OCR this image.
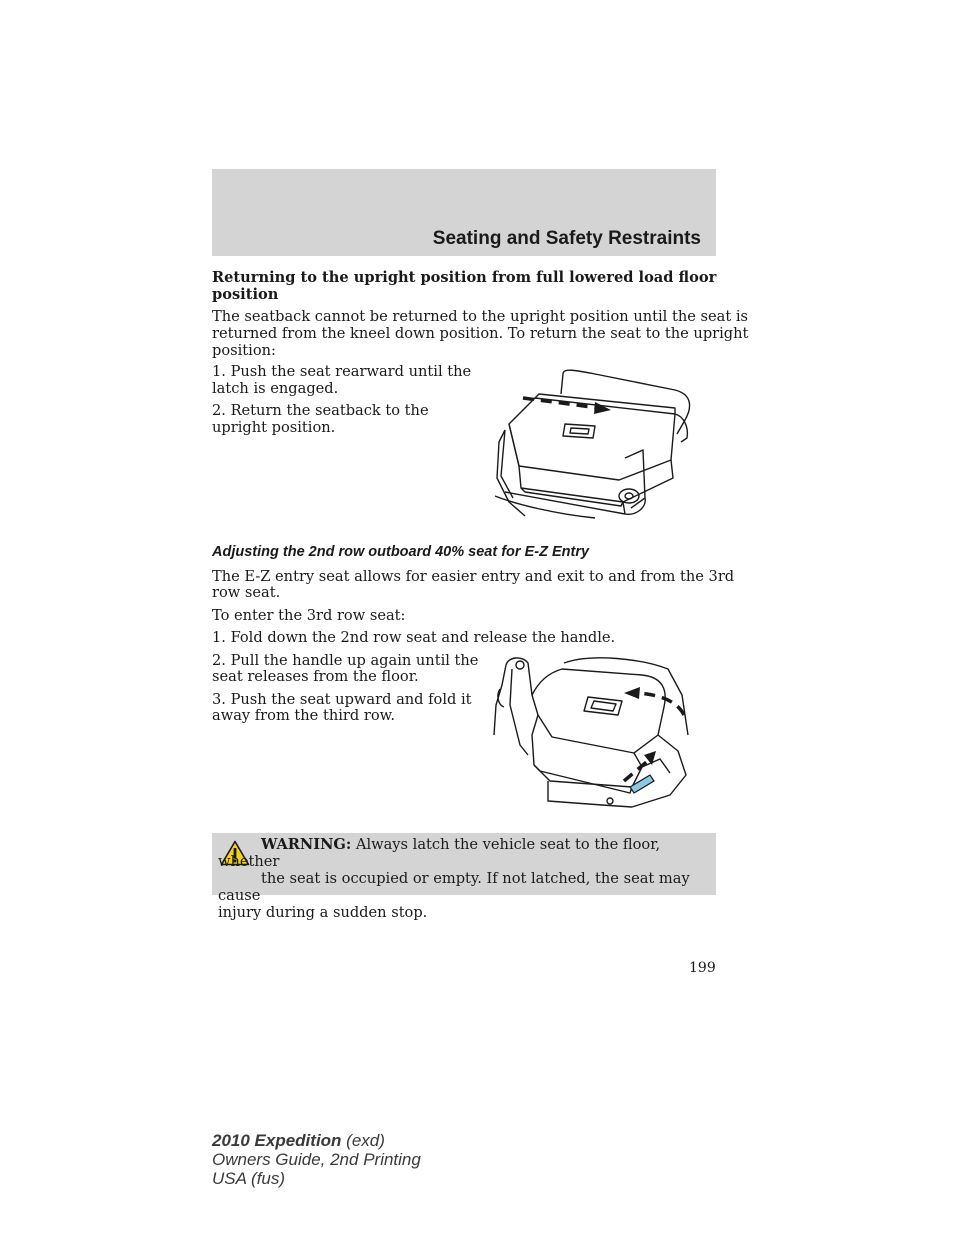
Seating and Safety Restraints
Returning to the upright position from full lowered load floor
position
The seatback cannot be returned to the upright position until the seat is
returned from the kneel down position. To return the seat to the upright
position:
1. Push the seat rearward until the
latch is engaged.
2. Return the seatback to the
upright position.
Adjusting the 2nd row outboard 40% seat for E-Z Entry
The E-Z entry seat allows for easier entry and exit to and from the 3rd
row seat.
To enter the 3rd row seat:
1. Fold down the 2nd row seat and release the handle.
2. Pull the handle up again until the
seat releases from the floor.
3. Push the seat upward and fold it
away from the third row.
WARNING: Always latch the vehicle seat to the floor, whether
the seat is occupied or empty. If not latched, the seat may cause
injury during a sudden stop.
199
2010 Expedition (exd)
Owners Guide, 2nd Printing
USA (fus)
